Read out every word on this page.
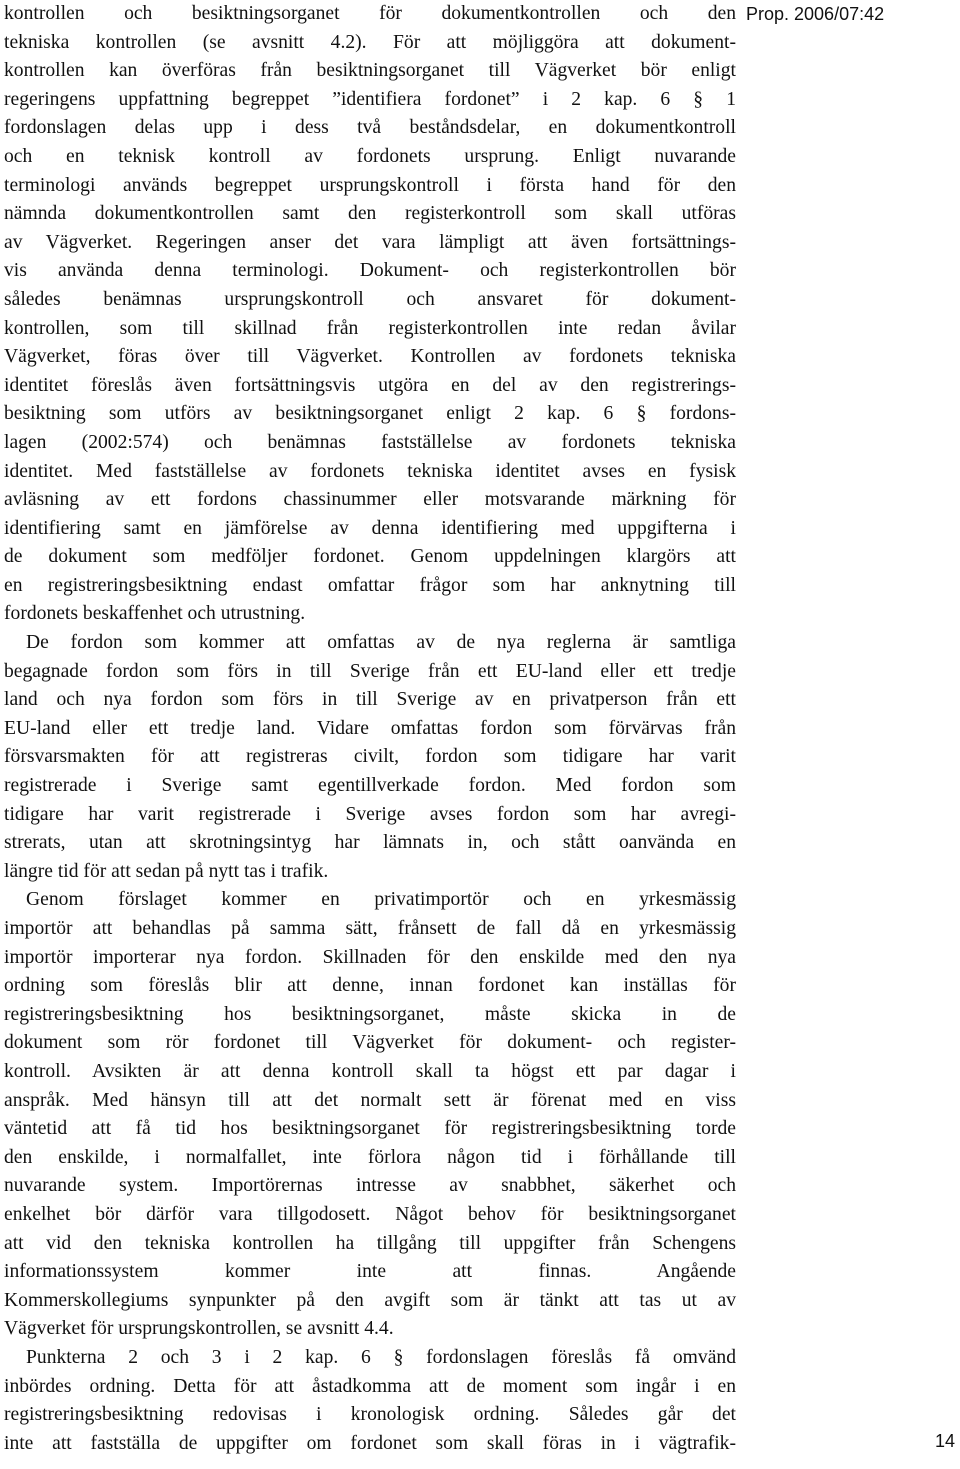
Prop. 2006/07:42
kontrollen och besiktningsorganet för dokumentkontrollen och den
tekniska kontrollen (se avsnitt 4.2). För att möjliggöra att dokument-
kontrollen kan överföras från besiktningsorganet till Vägverket bör enligt
regeringens uppfattning begreppet ”identifiera fordonet” i 2 kap. 6 § 1
fordonslagen delas upp i dess två beståndsdelar, en dokumentkontroll
och en teknisk kontroll av fordonets ursprung. Enligt nuvarande
terminologi används begreppet ursprungskontroll i första hand för den
nämnda dokumentkontrollen samt den registerkontroll som skall utföras
av Vägverket. Regeringen anser det vara lämpligt att även fortsättnings-
vis använda denna terminologi. Dokument- och registerkontrollen bör
således benämnas ursprungskontroll och ansvaret för dokument-
kontrollen, som till skillnad från registerkontrollen inte redan åvilar
Vägverket, föras över till Vägverket. Kontrollen av fordonets tekniska
identitet föreslås även fortsättningsvis utgöra en del av den registrerings-
besiktning som utförs av besiktningsorganet enligt 2 kap. 6 § fordons-
lagen (2002:574) och benämnas fastställelse av fordonets tekniska
identitet. Med fastställelse av fordonets tekniska identitet avses en fysisk
avläsning av ett fordons chassinummer eller motsvarande märkning för
identifiering samt en jämförelse av denna identifiering med uppgifterna i
de dokument som medföljer fordonet. Genom uppdelningen klargörs att
en registreringsbesiktning endast omfattar frågor som har anknytning till
fordonets beskaffenhet och utrustning.
De fordon som kommer att omfattas av de nya reglerna är samtliga
begagnade fordon som förs in till Sverige från ett EU-land eller ett tredje
land och nya fordon som förs in till Sverige av en privatperson från ett
EU-land eller ett tredje land. Vidare omfattas fordon som förvärvas från
försvarsmakten för att registreras civilt, fordon som tidigare har varit
registrerade i Sverige samt egentillverkade fordon. Med fordon som
tidigare har varit registrerade i Sverige avses fordon som har avregi-
strerats, utan att skrotningsintyg har lämnats in, och stått oanvända en
längre tid för att sedan på nytt tas i trafik.
Genom förslaget kommer en privatimportör och en yrkesmässig
importör att behandlas på samma sätt, frånsett de fall då en yrkesmässig
importör importerar nya fordon. Skillnaden för den enskilde med den nya
ordning som föreslås blir att denne, innan fordonet kan inställas för
registreringsbesiktning hos besiktningsorganet, måste skicka in de
dokument som rör fordonet till Vägverket för dokument- och register-
kontroll. Avsikten är att denna kontroll skall ta högst ett par dagar i
anspråk. Med hänsyn till att det normalt sett är förenat med en viss
väntetid att få tid hos besiktningsorganet för registreringsbesiktning torde
den enskilde, i normalfallet, inte förlora någon tid i förhållande till
nuvarande system. Importörernas intresse av snabbhet, säkerhet och
enkelhet bör därför vara tillgodosett. Något behov för besiktningsorganet
att vid den tekniska kontrollen ha tillgång till uppgifter från Schengens
informationssystem kommer inte att finnas. Angående
Kommerskollegiums synpunkter på den avgift som är tänkt att tas ut av
Vägverket för ursprungskontrollen, se avsnitt 4.4.
Punkterna 2 och 3 i 2 kap. 6 § fordonslagen föreslås få omvänd
inbördes ordning. Detta för att åstadkomma att de moment som ingår i en
registreringsbesiktning redovisas i kronologisk ordning. Således går det
inte att fastställa de uppgifter om fordonet som skall föras in i vägtrafik-	14
